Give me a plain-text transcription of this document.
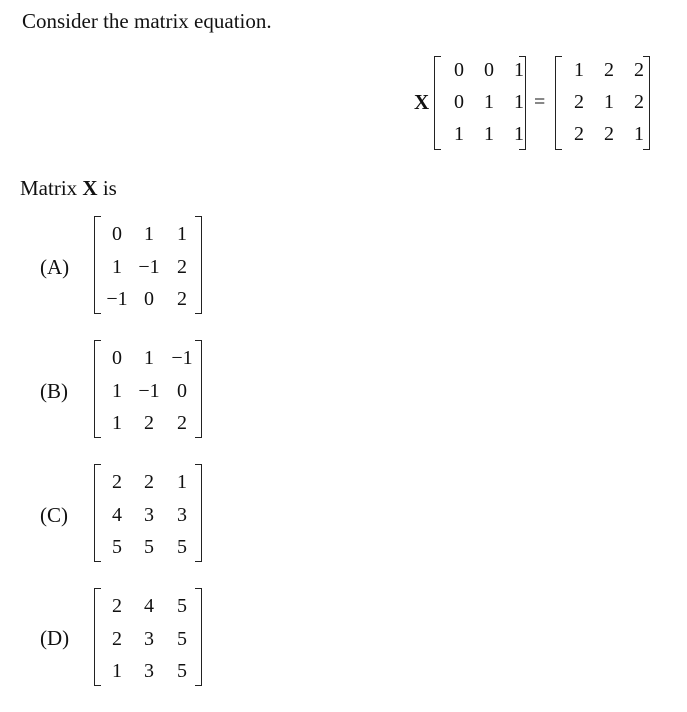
Consider the matrix equation.
X
0	0	1
0	1	1
1	1	1
=
1	2	2
2	1	2
2	2	1
Matrix X is
(A)
0	1	1
1 −1 2
−1 0	2
(B)
0	1 −1
1 −1 0
1	2	2
(C)
2	2	1
4	3	3
5	5	5
(D)
2	4	5
2	3	5
1	3	5
